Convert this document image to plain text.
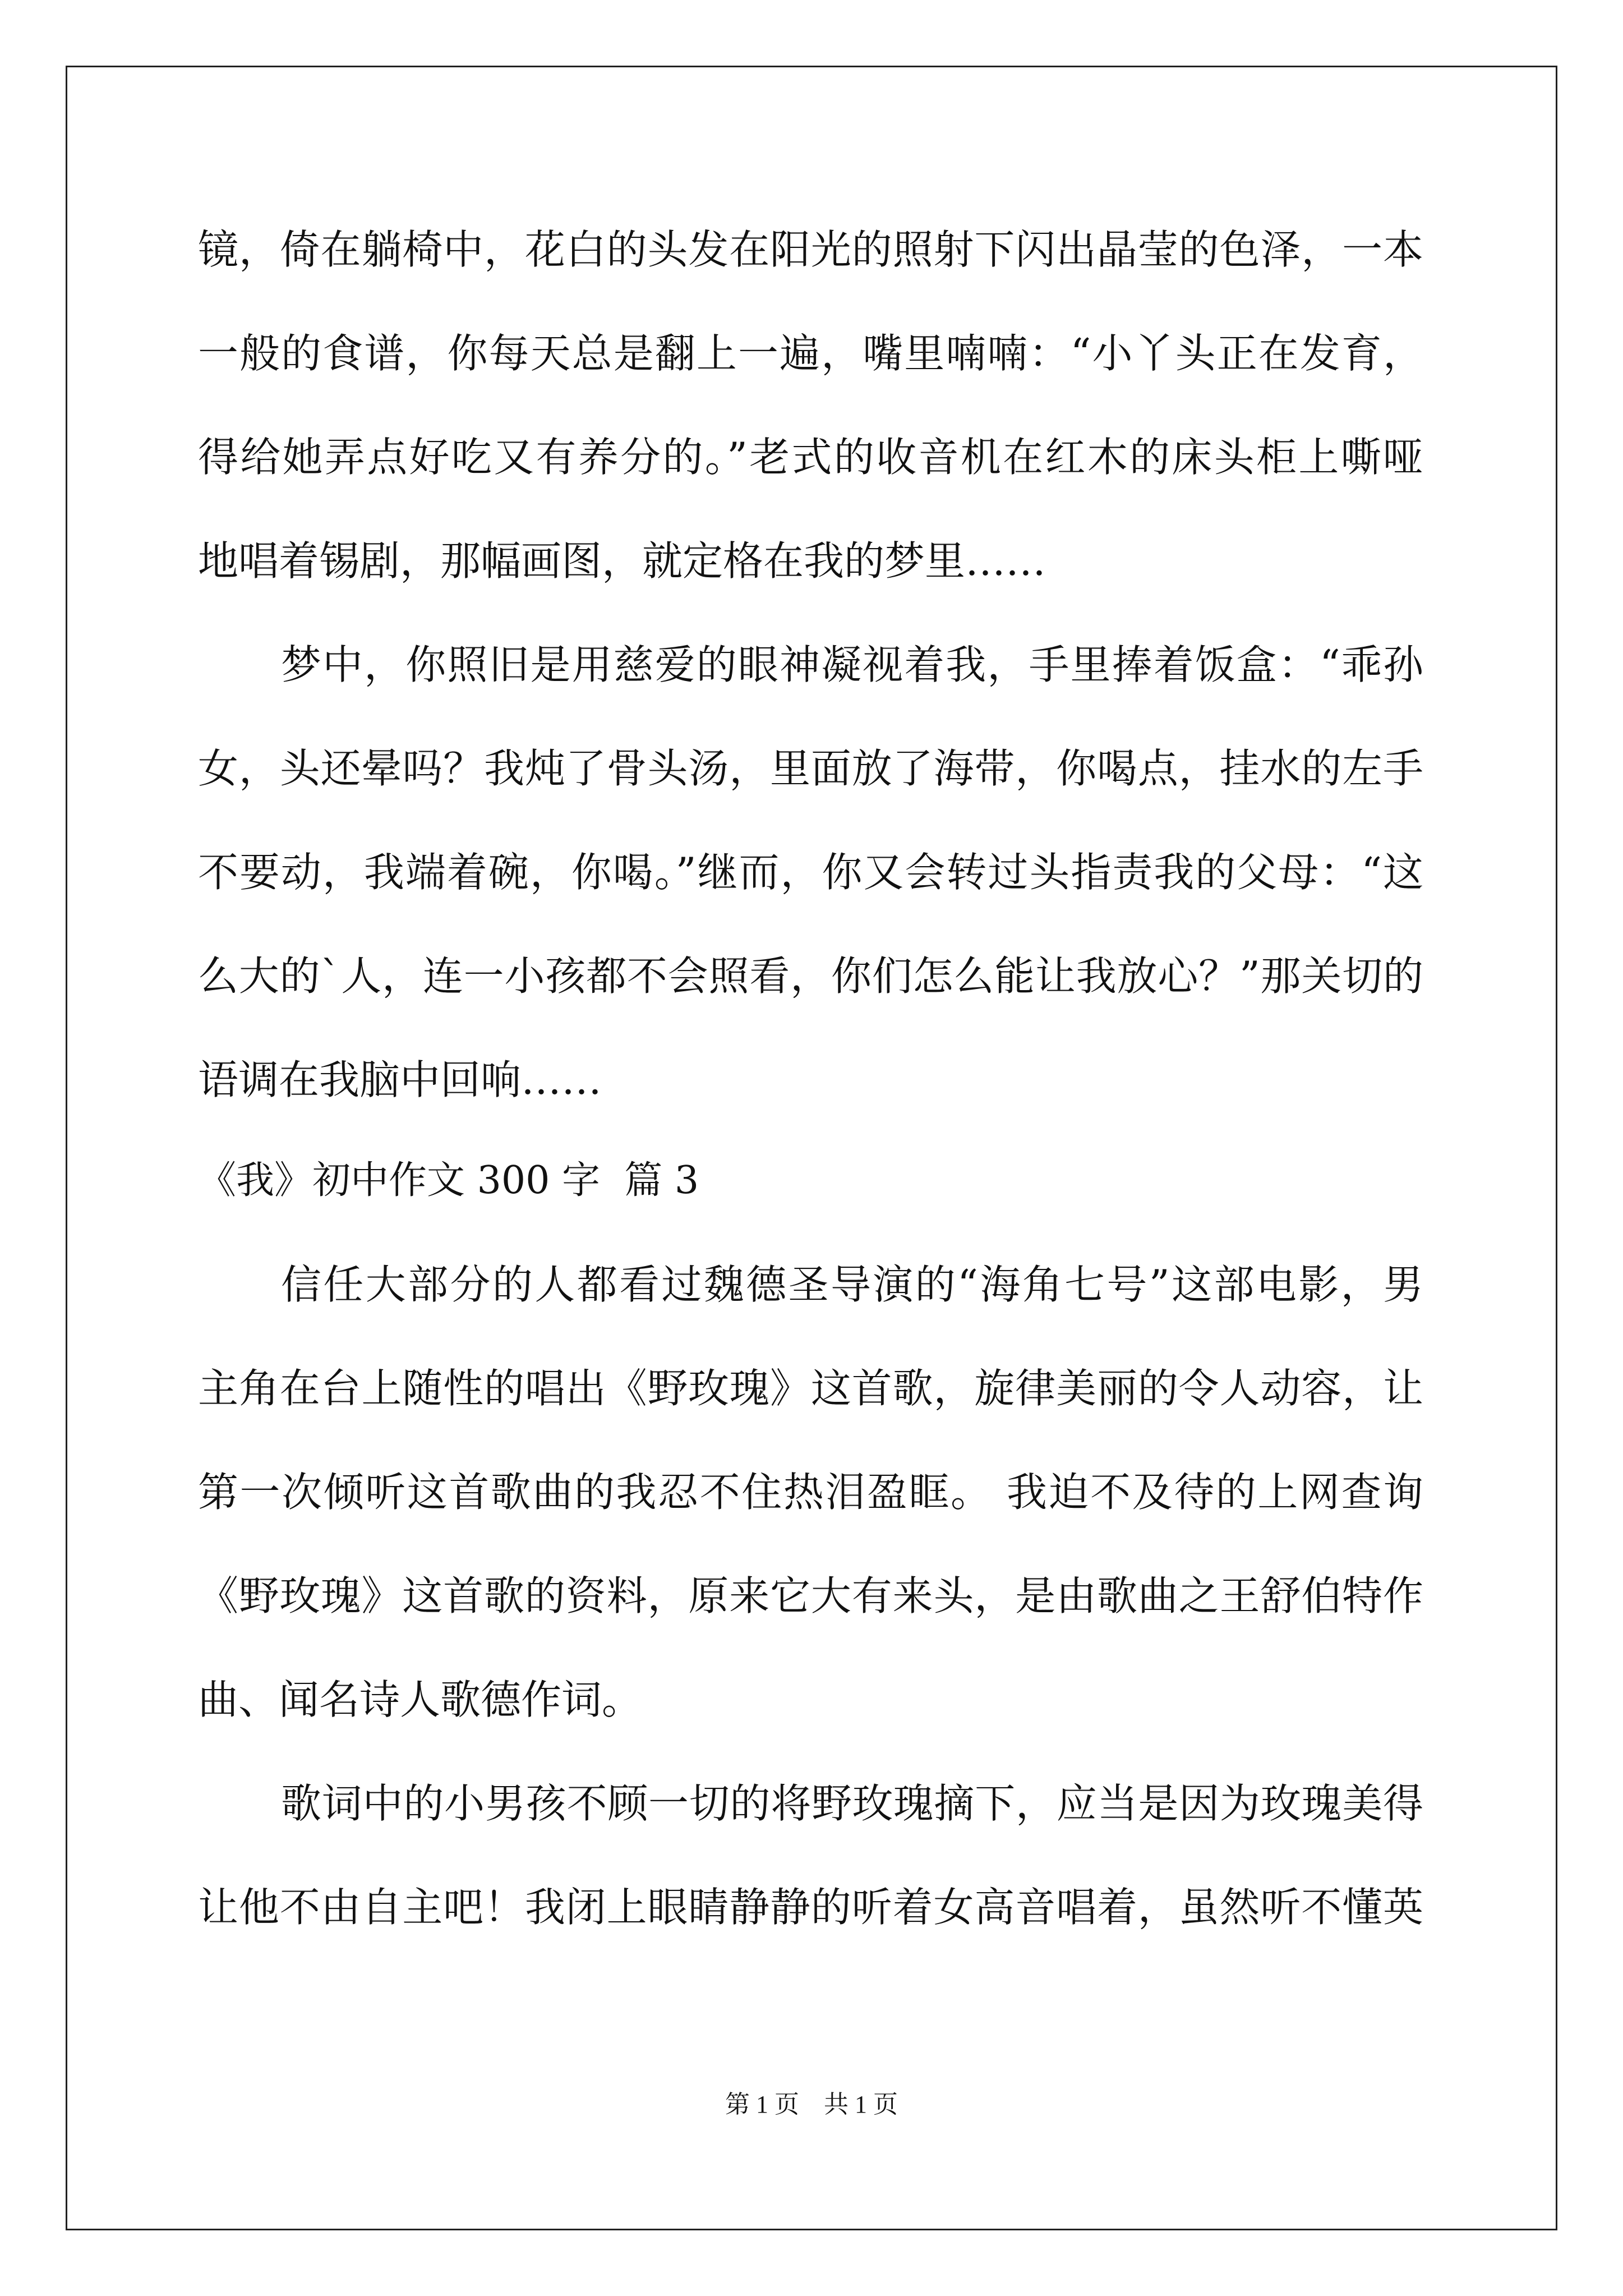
镜，倚在躺椅中，花白的头发在阳光的照射下闪出晶莹的色泽，一本
一般的食谱，你每天总是翻上一遍，嘴里喃喃：“小丫头正在发育，
得给她弄点好吃又有养分的。”老式的收音机在红木的床头柜上嘶哑
地唱着锡剧，那幅画图，就定格在我的梦里……
梦中，你照旧是用慈爱的眼神凝视着我，手里捧着饭盒：“乖孙
女，头还晕吗？我炖了骨头汤，里面放了海带，你喝点，挂水的左手
不要动，我端着碗，你喝。”继而，你又会转过头指责我的父母：“这
么大的`人，连一小孩都不会照看，你们怎么能让我放心？”那关切的
语调在我脑中回响……
《我》初中作文 300 字  篇 3
信任大部分的人都看过魏德圣导演的“海角七号”这部电影，男
主角在台上随性的唱出《野玫瑰》这首歌，旋律美丽的令人动容，让
第一次倾听这首歌曲的我忍不住热泪盈眶。 我迫不及待的上网查询
《野玫瑰》这首歌的资料，原来它大有来头，是由歌曲之王舒伯特作
曲、闻名诗人歌德作词。
歌词中的小男孩不顾一切的将野玫瑰摘下，应当是因为玫瑰美得
让他不由自主吧！我闭上眼睛静静的听着女高音唱着，虽然听不懂英
第 1 页    共 1 页
